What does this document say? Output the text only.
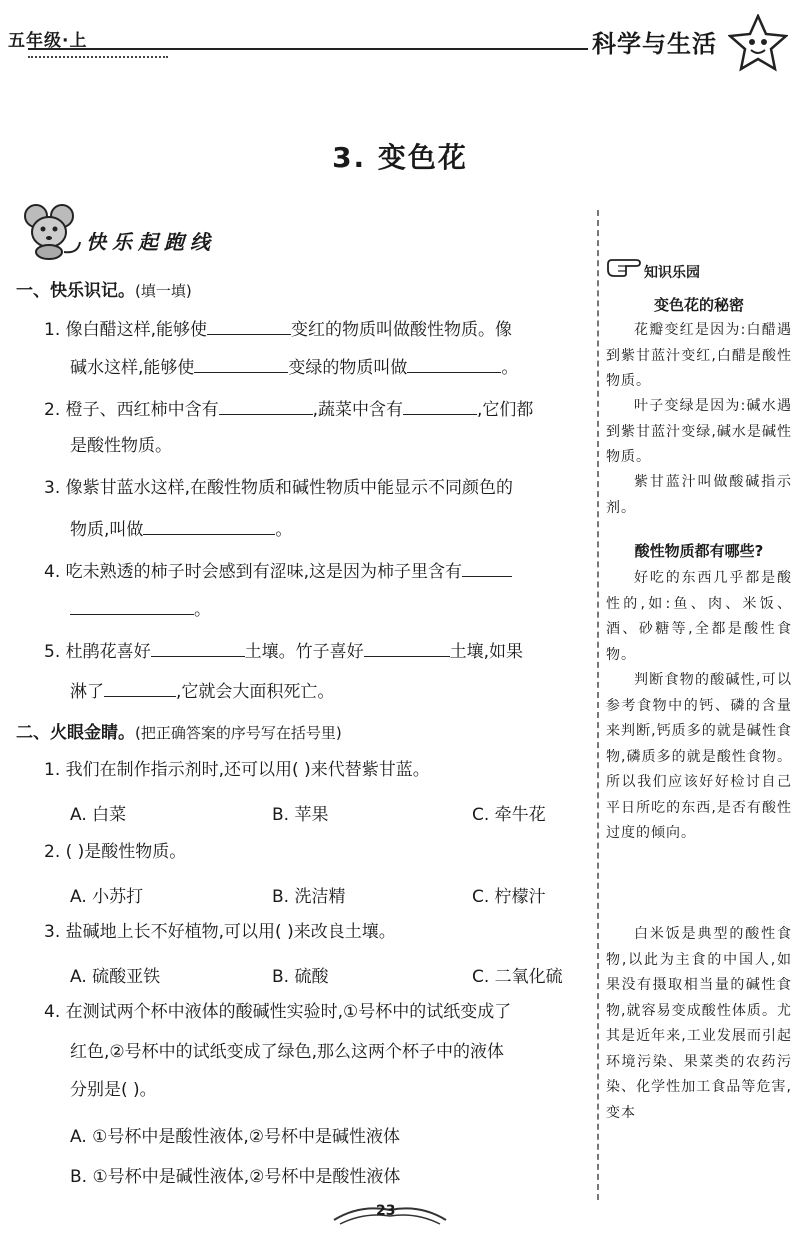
五年级·上	科学与生活
3. 变色花
快乐起跑线
一、快乐识记。(填一填)
1. 像白醋这样,能够使	变红的物质叫做酸性物质。像
碱水这样,能够使	变绿的物质叫做	。
2. 橙子、西红柿中含有	,蔬菜中含有	,它们都
是酸性物质。
3. 像紫甘蓝水这样,在酸性物质和碱性物质中能显示不同颜色的
物质,叫做	。
4. 吃未熟透的柿子时会感到有涩味,这是因为柿子里含有
。
5. 杜鹃花喜好	土壤。竹子喜好	土壤,如果
淋了	,它就会大面积死亡。
二、火眼金睛。(把正确答案的序号写在括号里)
1. 我们在制作指示剂时,还可以用( )来代替紫甘蓝。
A. 白菜	B. 苹果	C. 牵牛花
2. ( )是酸性物质。
A. 小苏打	B. 洗洁精	C. 柠檬汁
3. 盐碱地上长不好植物,可以用( )来改良土壤。
A. 硫酸亚铁	B. 硫酸	C. 二氧化硫
4. 在测试两个杯中液体的酸碱性实验时,①号杯中的试纸变成了
红色,②号杯中的试纸变成了绿色,那么这两个杯子中的液体
分别是( )。
A. ①号杯中是酸性液体,②号杯中是碱性液体
B. ①号杯中是碱性液体,②号杯中是酸性液体
知识乐园
变色花的秘密
花瓣变红是因为:白醋遇到紫甘蓝汁变红,白醋是酸性物质。
叶子变绿是因为:碱水遇到紫甘蓝汁变绿,碱水是碱性物质。
紫甘蓝汁叫做酸碱指示剂。
酸性物质都有哪些?
好吃的东西几乎都是酸性的,如:鱼、肉、米饭、酒、砂糖等,全都是酸性食物。
判断食物的酸碱性,可以参考食物中的钙、磷的含量来判断,钙质多的就是碱性食物,磷质多的就是酸性食物。所以我们应该好好检讨自己平日所吃的东西,是否有酸性过度的倾向。
白米饭是典型的酸性食物,以此为主食的中国人,如果没有摄取相当量的碱性食物,就容易变成酸性体质。尤其是近年来,工业发展而引起环境污染、果菜类的农药污染、化学性加工食品等危害,变本
23
